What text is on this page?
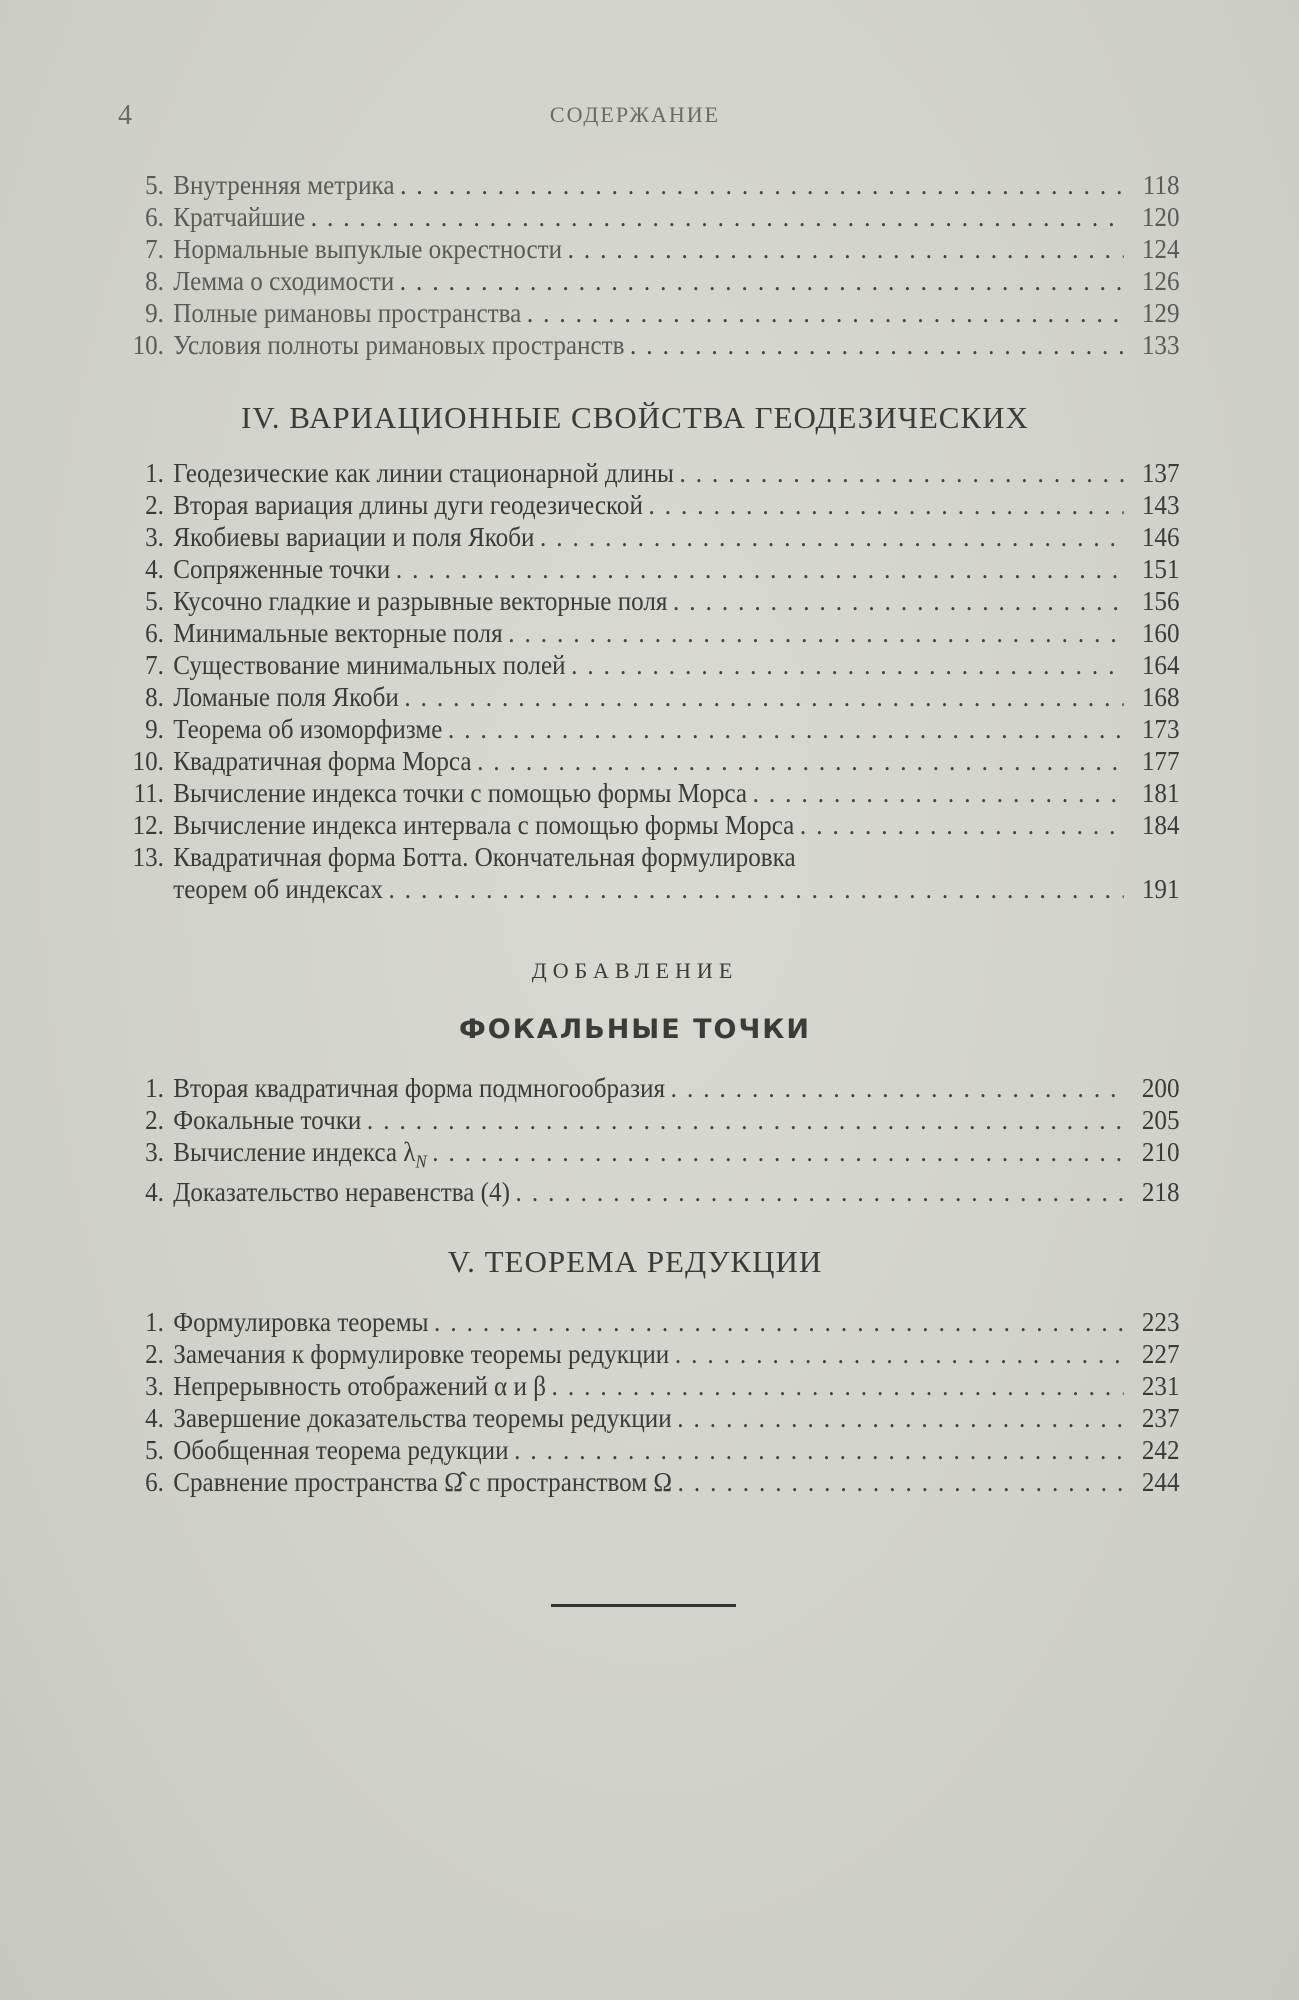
4	СОДЕРЖАНИЕ
IV. ВАРИАЦИОННЫЕ СВОЙСТВА ГЕОДЕЗИЧЕСКИХ
ДОБАВЛЕНИЕ
ФОКАЛЬНЫЕ ТОЧКИ
V. ТЕОРЕМА РЕДУКЦИИ
5. Внутренняя метрика . . .	118
6. Кратчайшие . . .	120
7. Нормальные выпуклые окрестности . . .	124
8. Лемма о сходимости . . .	126
9. Полные римановы пространства . . .	129
10. Условия полноты римановых пространств . . .	133
1. Геодезические как линии стационарной длины . . .	137
2. Вторая вариация длины дуги геодезической . . .	143
3. Якобиевы вариации и поля Якоби . . .	146
4. Сопряженные точки . . .	151
5. Кусочно гладкие и разрывные векторные поля . . .	156
6. Минимальные векторные поля . . .	160
7. Существование минимальных полей . . .	164
8. Ломаные поля Якоби . . .	168
9. Теорема об изоморфизме . . .	173
10. Квадратичная форма Морса . . .	177
11. Вычисление индекса точки с помощью формы Морса . . .	181
12. Вычисление индекса интервала с помощью формы Морса . . .	184
13. Квадратичная форма Ботта. Окончательная формулировка
теорем об индексах . . .	191
1. Вторая квадратичная форма подмногообразия . . .	200
2. Фокальные точки . . .	205
3. Вычисление индекса $\lambda_N$ . . .	210
4. Доказательство неравенства (4) . . .	218
1. Формулировка теоремы . . .	223
2. Замечания к формулировке теоремы редукции . . .	227
3. Непрерывность отображений α и β . . .	231
4. Завершение доказательства теоремы редукции . . .	237
5. Обобщенная теорема редукции . . .	242
6. Сравнение пространства Ω̂ с пространством Ω . . .	244
